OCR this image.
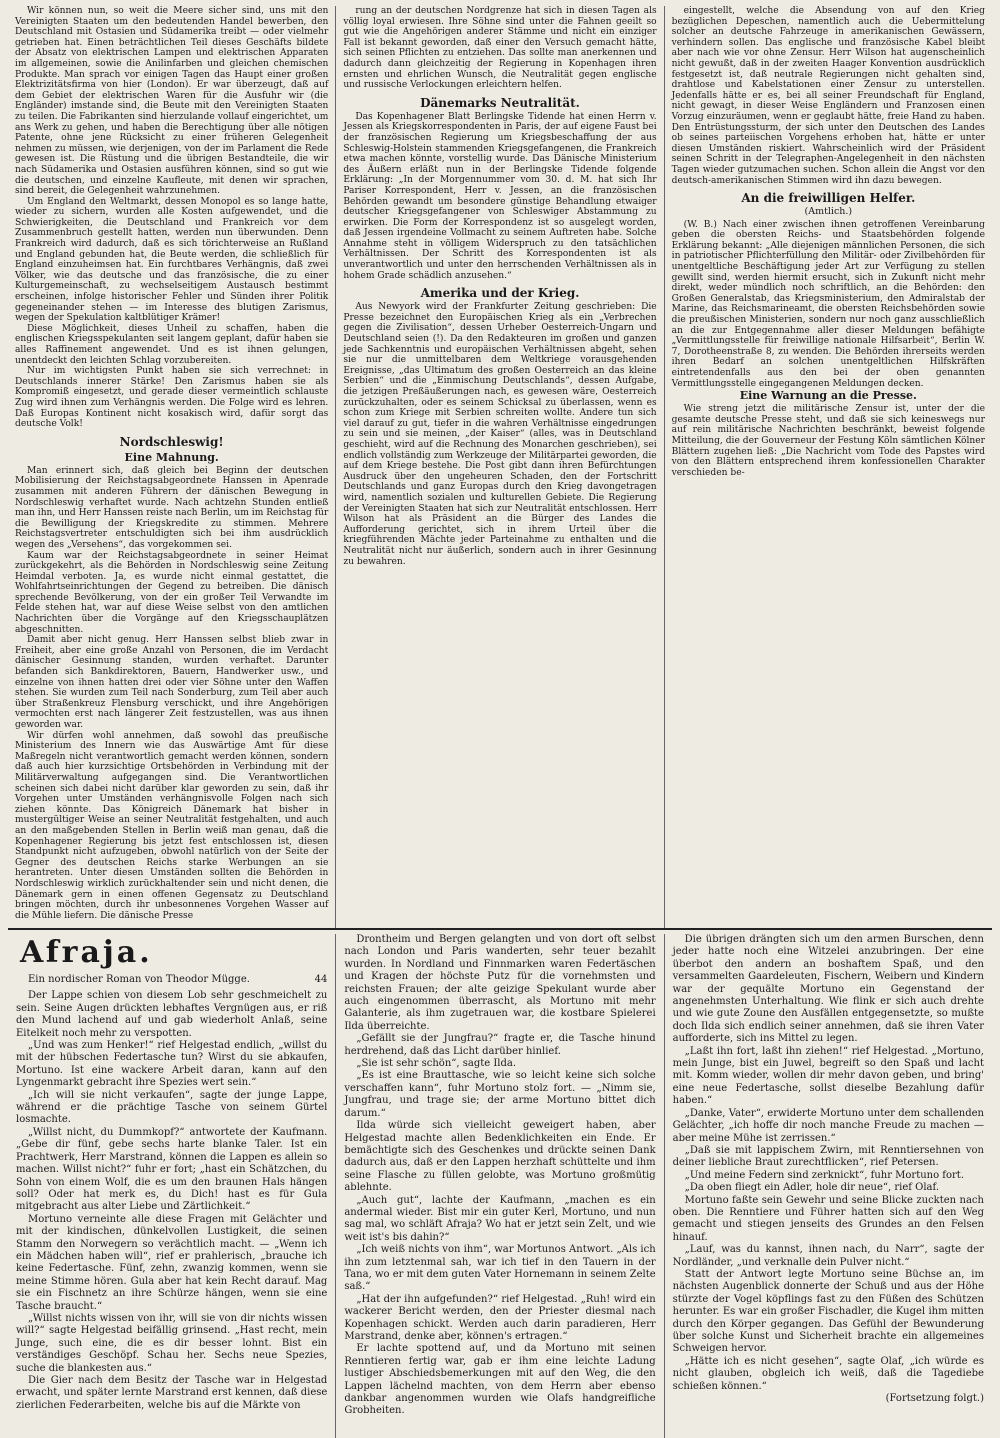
Wir können nun, so weit die Meere sicher sind, uns mit den Vereinigten Staaten um den bedeutenden Handel bewerben, den Deutschland mit Ostasien und Südamerika treibt — oder vielmehr getrieben hat. Einen beträchtlichen Teil dieses Geschäfts bildete der Absatz von elektrischen Lampen und elektrischen Apparaten im allgemeinen, sowie die Anilinfarben und gleichen chemischen Produkte. Man sprach vor einigen Tagen das Haupt einer großen Elektrizitätsfirma von hier (London). Er war überzeugt, daß auf dem Gebiet der elektrischen Waren für die Ausfuhr wir (die Engländer) imstande sind, die Beute mit den Vereinigten Staaten zu teilen. Die Fabrikanten sind hierzulande vollauf eingerichtet, um ans Werk zu gehen, und haben die Berechtigung über alle nötigen Patente, ohne jene Rücksicht zu einer früheren Gelegenheit nehmen zu müssen, wie derjenigen, von der im Parlament die Rede gewesen ist. Die Rüstung und die übrigen Bestandteile, die wir nach Südamerika und Ostasien ausführen können, sind so gut wie die deutschen, und einzelne Kaufleute, mit denen wir sprachen, sind bereit, die Gelegenheit wahrzunehmen.

Um England den Weltmarkt, dessen Monopol es so lange hatte, wieder zu sichern, wurden alle Kosten aufgewendet, und die Schwierigkeiten, die Deutschland und Frankreich vor dem Zusammenbruch gestellt hatten, werden nun überwunden. Denn Frankreich wird dadurch, daß es sich törichterweise an Rußland und England gebunden hat, die Beute werden, die schließlich für England einzuheimsen hat. Ein furchtbares Verhängnis, daß zwei Völker, wie das deutsche und das französische, die zu einer Kulturgemeinschaft, zu wechselseitigem Austausch bestimmt erscheinen, infolge historischer Fehler und Sünden ihrer Politik gegeneinander stehen — im Interesse des blutigen Zarismus, wegen der Spekulation kaltblütiger Krämer!

Diese Möglichkeit, dieses Unheil zu schaffen, haben die englischen Kriegsspekulanten seit langem geplant, dafür haben sie alles Raffinement angewendet. Und es ist ihnen gelungen, unentdeckt den leichten Schlag vorzubereiten.

Nur im wichtigsten Punkt haben sie sich verrechnet: in Deutschlands innerer Stärke! Den Zarismus haben sie als Kompromiß eingesetzt, und gerade dieser vermeintlich schlauste Zug wird ihnen zum Verhängnis werden. Die Folge wird es lehren. Daß Europas Kontinent nicht kosakisch wird, dafür sorgt das deutsche Volk!

Nordschleswig!
Eine Mahnung.

Man erinnert sich, daß gleich bei Beginn der deutschen Mobilisierung der Reichstagsabgeordnete Hanssen in Apenrade zusammen mit anderen Führern der dänischen Bewegung in Nordschleswig verhaftet wurde. Nach achtzehn Stunden entließ man ihn, und Herr Hanssen reiste nach Berlin, um im Reichstag für die Bewilligung der Kriegskredite zu stimmen. Mehrere Reichstagsvertreter entschuldigten sich bei ihm ausdrücklich wegen des „Versehens“, das vorgekommen sei.

Kaum war der Reichstagsabgeordnete in seiner Heimat zurückgekehrt, als die Behörden in Nordschleswig seine Zeitung Heimdal verboten. Ja, es wurde nicht einmal gestattet, die Wohlfahrtseinrichtungen der Gegend zu betreiben. Die dänisch sprechende Bevölkerung, von der ein großer Teil Verwandte im Felde stehen hat, war auf diese Weise selbst von den amtlichen Nachrichten über die Vorgänge auf den Kriegsschauplätzen abgeschnitten.

Damit aber nicht genug. Herr Hanssen selbst blieb zwar in Freiheit, aber eine große Anzahl von Personen, die im Verdacht dänischer Gesinnung standen, wurden verhaftet. Darunter befanden sich Bankdirektoren, Bauern, Handwerker usw., und einzelne von ihnen hatten drei oder vier Söhne unter den Waffen stehen. Sie wurden zum Teil nach Sonderburg, zum Teil aber auch über Straßenkreuz Flensburg verschickt, und ihre Angehörigen vermochten erst nach längerer Zeit festzustellen, was aus ihnen geworden war.

Wir dürfen wohl annehmen, daß sowohl das preußische Ministerium des Innern wie das Auswärtige Amt für diese Maßregeln nicht verantwortlich gemacht werden können, sondern daß auch hier kurzsichtige Ortsbehörden in Verbindung mit der Militärverwaltung aufgegangen sind. Die Verantwortlichen scheinen sich dabei nicht darüber klar geworden zu sein, daß ihr Vorgehen unter Umständen verhängnisvolle Folgen nach sich ziehen könnte. Das Königreich Dänemark hat bisher in mustergültiger Weise an seiner Neutralität festgehalten, und auch an den maßgebenden Stellen in Berlin weiß man genau, daß die Kopenhagener Regierung bis jetzt fest entschlossen ist, diesen Standpunkt nicht aufzugeben, obwohl natürlich von der Seite der Gegner des deutschen Reichs starke Werbungen an sie herantreten. Unter diesen Umständen sollten die Behörden in Nordschleswig wirklich zurückhaltender sein und nicht denen, die Dänemark gern in einen offenen Gegensatz zu Deutschland bringen möchten, durch ihr unbesonnenes Vorgehen Wasser auf die Mühle liefern. Die dänische Presse

rung an der deutschen Nordgrenze hat sich in diesen Tagen als völlig loyal erwiesen. Ihre Söhne sind unter die Fahnen geeilt so gut wie die Angehörigen anderer Stämme und nicht ein einziger Fall ist bekannt geworden, daß einer den Versuch gemacht hätte, sich seinen Pflichten zu entziehen. Das sollte man anerkennen und dadurch dann gleichzeitig der Regierung in Kopenhagen ihren ernsten und ehrlichen Wunsch, die Neutralität gegen englische und russische Verlockungen erleichtern helfen.

Dänemarks Neutralität.

Das Kopenhagener Blatt Berlingske Tidende hat einen Herrn v. Jessen als Kriegskorrespondenten in Paris, der auf eigene Faust bei der französischen Regierung um Kriegsbeschaffung der aus Schleswig-Holstein stammenden Kriegsgefangenen, die Frankreich etwa machen könnte, vorstellig wurde. Das Dänische Ministerium des Äußern erläßt nun in der Berlingske Tidende folgende Erklärung: „In der Morgennummer vom 30. d. M. hat sich Ihr Pariser Korrespondent, Herr v. Jessen, an die französischen Behörden gewandt um besondere günstige Behandlung etwaiger deutscher Kriegsgefangener von Schleswiger Abstammung zu erwirken. Die Form der Korrespondenz ist so ausgelegt worden, daß Jessen irgendeine Vollmacht zu seinem Auftreten habe. Solche Annahme steht in völligem Widerspruch zu den tatsächlichen Verhältnissen. Der Schritt des Korrespondenten ist als unverantwortlich und unter den herrschenden Verhältnissen als in hohem Grade schädlich anzusehen.“

Amerika und der Krieg.

Aus Newyork wird der Frankfurter Zeitung geschrieben: Die Presse bezeichnet den Europäischen Krieg als ein „Verbrechen gegen die Zivilisation“, dessen Urheber Oesterreich-Ungarn und Deutschland seien (!). Da den Redakteuren im großen und ganzen jede Sachkenntnis und europäischen Verhältnissen abgeht, sehen sie nur die unmittelbaren dem Weltkriege vorausgehenden Ereignisse, „das Ultimatum des großen Oesterreich an das kleine Serbien“ und die „Einmischung Deutschlands“, dessen Aufgabe, die jetzigen Preßäußerungen nach, es gewesen wäre, Oesterreich zurückzuhalten, oder es seinem Schicksal zu überlassen, wenn es schon zum Kriege mit Serbien schreiten wollte. Andere tun sich viel darauf zu gut, tiefer in die wahren Verhältnisse eingedrungen zu sein und sie meinen, „der Kaiser“ (alles, was in Deutschland geschieht, wird auf die Rechnung des Monarchen geschrieben), sei endlich vollständig zum Werkzeuge der Militärpartei geworden, die auf dem Kriege bestehe. Die Post gibt dann ihren Befürchtungen Ausdruck über den ungeheuren Schaden, den der Fortschritt Deutschlands und ganz Europas durch den Krieg davongetragen wird, namentlich sozialen und kulturellen Gebiete. Die Regierung der Vereinigten Staaten hat sich zur Neutralität entschlossen. Herr Wilson hat als Präsident an die Bürger des Landes die Aufforderung gerichtet, sich in ihrem Urteil über die kriegführenden Mächte jeder Parteinahme zu enthalten und die Neutralität nicht nur äußerlich, sondern auch in ihrer Gesinnung zu bewahren.

eingestellt, welche die Absendung von auf den Krieg bezüglichen Depeschen, namentlich auch die Uebermittelung solcher an deutsche Fahrzeuge in amerikanischen Gewässern, verhindern sollen. Das englische und französische Kabel bleibt aber nach wie vor ohne Zensur. Herr Wilson hat augenscheinlich nicht gewußt, daß in der zweiten Haager Konvention ausdrücklich festgesetzt ist, daß neutrale Regierungen nicht gehalten sind, drahtlose und Kabelstationen einer Zensur zu unterstellen. Jedenfalls hätte er es, bei all seiner Freundschaft für England, nicht gewagt, in dieser Weise Engländern und Franzosen einen Vorzug einzuräumen, wenn er geglaubt hätte, freie Hand zu haben. Den Entrüstungssturm, der sich unter den Deutschen des Landes ob seines parteiischen Vorgehens erhoben hat, hätte er unter diesen Umständen riskiert. Wahrscheinlich wird der Präsident seinen Schritt in der Telegraphen-Angelegenheit in den nächsten Tagen wieder gutzumachen suchen. Schon allein die Angst vor den deutsch-amerikanischen Stimmen wird ihn dazu bewegen.

An die freiwilligen Helfer.
(Amtlich.)

(W. B.) Nach einer zwischen ihnen getroffenen Vereinbarung geben die obersten Reichs- und Staatsbehörden folgende Erklärung bekannt: „Alle diejenigen männlichen Personen, die sich in patriotischer Pflichterfüllung den Militär- oder Zivilbehörden für unentgeltliche Beschäftigung jeder Art zur Verfügung zu stellen gewillt sind, werden hiermit ersucht, sich in Zukunft nicht mehr direkt, weder mündlich noch schriftlich, an die Behörden: den Großen Generalstab, das Kriegsministerium, den Admiralstab der Marine, das Reichsmarineamt, die obersten Reichsbehörden sowie die preußischen Ministerien, sondern nur noch ganz ausschließlich an die zur Entgegennahme aller dieser Meldungen befähigte „Vermittlungsstelle für freiwillige nationale Hilfsarbeit“, Berlin W. 7, Dorotheenstraße 8, zu wenden. Die Behörden ihrerseits werden ihren Bedarf an solchen unentgeltlichen Hilfskräften eintretendenfalls aus den bei der oben genannten Vermittlungsstelle eingegangenen Meldungen decken.

Eine Warnung an die Presse.

Wie streng jetzt die militärische Zensur ist, unter der die gesamte deutsche Presse steht, und daß sie sich keineswegs nur auf rein militärische Nachrichten beschränkt, beweist folgende Mitteilung, die der Gouverneur der Festung Köln sämtlichen Kölner Blättern zugehen ließ: „Die Nachricht vom Tode des Papstes wird von den Blättern entsprechend ihrem konfessionellen Charakter verschieden be-

Afraja.
Ein nordischer Roman von Theodor Mügge.	44

Der Lappe schien von diesem Lob sehr geschmeichelt zu sein. Seine Augen drückten lebhaftes Vergnügen aus, er riß den Mund lachend auf und gab wiederholt Anlaß, seine Eitelkeit noch mehr zu verspotten.

„Und was zum Henker!“ rief Helgestad endlich, „willst du mit der hübschen Federtasche tun? Wirst du sie abkaufen, Mortuno. Ist eine wackere Arbeit daran, kann auf den Lyngenmarkt gebracht ihre Spezies wert sein.“

„Ich will sie nicht verkaufen“, sagte der junge Lappe, während er die prächtige Tasche von seinem Gürtel losmachte.

„Willst nicht, du Dummkopf?“ antwortete der Kaufmann. „Gebe dir fünf, gebe sechs harte blanke Taler. Ist ein Prachtwerk, Herr Marstrand, können die Lappen es allein so machen. Willst nicht?“ fuhr er fort; „hast ein Schätzchen, du Sohn von einem Wolf, die es um den braunen Hals hängen soll? Oder hat merk es, du Dich! hast es für Gula mitgebracht aus alter Liebe und Zärtlichkeit.“

Mortuno verneinte alle diese Fragen mit Gelächter und mit der kindischen, dünkelvollen Lustigkeit, die seinen Stamm den Norwegern so verächtlich macht. — „Wenn ich ein Mädchen haben will“, rief er prahlerisch, „brauche ich keine Federtasche. Fünf, zehn, zwanzig kommen, wenn sie meine Stimme hören. Gula aber hat kein Recht darauf. Mag sie ein Fischnetz an ihre Schürze hängen, wenn sie eine Tasche braucht.“

„Willst nichts wissen von ihr, will sie von dir nichts wissen will?“ sagte Helgestad beifällig grinsend. „Hast recht, mein Junge, such eine, die es dir besser lohnt. Bist ein verständiges Geschöpf. Schau her. Sechs neue Spezies, suche die blankesten aus.“

Die Gier nach dem Besitz der Tasche war in Helgestad erwacht, und später lernte Marstrand erst kennen, daß diese zierlichen Federarbeiten, welche bis auf die Märkte von

Drontheim und Bergen gelangten und von dort oft selbst nach London und Paris wanderten, sehr teuer bezahlt wurden. In Nordland und Finnmarken waren Federtäschen und Kragen der höchste Putz für die vornehmsten und reichsten Frauen; der alte geizige Spekulant wurde aber auch eingenommen überrascht, als Mortuno mit mehr Galanterie, als ihm zugetrauen war, die kostbare Spielerei Ilda überreichte.

„Gefällt sie der Jungfrau?“ fragte er, die Tasche hinund herdrehend, daß das Licht darüber hinlief.

„Sie ist sehr schön“, sagte Ilda.

„Es ist eine Brauttasche, wie so leicht keine sich solche verschaffen kann“, fuhr Mortuno stolz fort. — „Nimm sie, Jungfrau, und trage sie; der arme Mortuno bittet dich darum.“

Ilda würde sich vielleicht geweigert haben, aber Helgestad machte allen Bedenklichkeiten ein Ende. Er bemächtigte sich des Geschenkes und drückte seinen Dank dadurch aus, daß er den Lappen herzhaft schüttelte und ihm seine Flasche zu füllen gelobte, was Mortuno großmütig ablehnte.

„Auch gut“, lachte der Kaufmann, „machen es ein andermal wieder. Bist mir ein guter Kerl, Mortuno, und nun sag mal, wo schläft Afraja? Wo hat er jetzt sein Zelt, und wie weit ist's bis dahin?“

„Ich weiß nichts von ihm“, war Mortunos Antwort. „Als ich ihn zum letztenmal sah, war ich tief in den Tauern in der Tana, wo er mit dem guten Vater Hornemann in seinem Zelte saß.“

„Hat der ihn aufgefunden?“ rief Helgestad. „Ruh! wird ein wackerer Bericht werden, den der Priester diesmal nach Kopenhagen schickt. Werden auch darin paradieren, Herr Marstrand, denke aber, können's ertragen.“

Er lachte spottend auf, und da Mortuno mit seinen Renntieren fertig war, gab er ihm eine leichte Ladung lustiger Abschiedsbemerkungen mit auf den Weg, die den Lappen lächelnd machten, von dem Herrn aber ebenso dankbar angenommen wurden wie Olafs handgreifliche Grobheiten.

Die übrigen drängten sich um den armen Burschen, denn jeder hatte noch eine Witzelei anzubringen. Der eine überbot den andern an boshaftem Spaß, und den versammelten Gaardeleuten, Fischern, Weibern und Kindern war der gequälte Mortuno ein Gegenstand der angenehmsten Unterhaltung. Wie flink er sich auch drehte und wie gute Zoune den Ausfällen entgegensetzte, so mußte doch Ilda sich endlich seiner annehmen, daß sie ihren Vater aufforderte, sich ins Mittel zu legen.

„Laßt ihn fort, laßt ihn ziehen!“ rief Helgestad. „Mortuno, mein Junge, bist ein Juwel, begreift so den Spaß und lacht mit. Komm wieder, wollen dir mehr davon geben, und bring' eine neue Federtasche, sollst dieselbe Bezahlung dafür haben.“

„Danke, Vater“, erwiderte Mortuno unter dem schallenden Gelächter, „ich hoffe dir noch manche Freude zu machen — aber meine Mühe ist zerrissen.“

„Daß sie mit lappischem Zwirn, mit Renntiersehnen von deiner liebliche Braut zurechtflicken“, rief Petersen.

„Und meine Federn sind zerknickt“, fuhr Mortuno fort.

„Da oben fliegt ein Adler, hole dir neue“, rief Olaf.

Mortuno faßte sein Gewehr und seine Blicke zuckten nach oben. Die Renntiere und Führer hatten sich auf den Weg gemacht und stiegen jenseits des Grundes an den Felsen hinauf.

„Lauf, was du kannst, ihnen nach, du Narr“, sagte der Nordländer, „und verknalle dein Pulver nicht.“

Statt der Antwort legte Mortuno seine Büchse an, im nächsten Augenblick donnerte der Schuß und aus der Höhe stürzte der Vogel köpflings fast zu den Füßen des Schützen herunter. Es war ein großer Fischadler, die Kugel ihm mitten durch den Körper gegangen. Das Gefühl der Bewunderung über solche Kunst und Sicherheit brachte ein allgemeines Schweigen hervor.

„Hätte ich es nicht gesehen“, sagte Olaf, „ich würde es nicht glauben, obgleich ich weiß, daß die Tagediebe schießen können.“

(Fortsetzung folgt.)
